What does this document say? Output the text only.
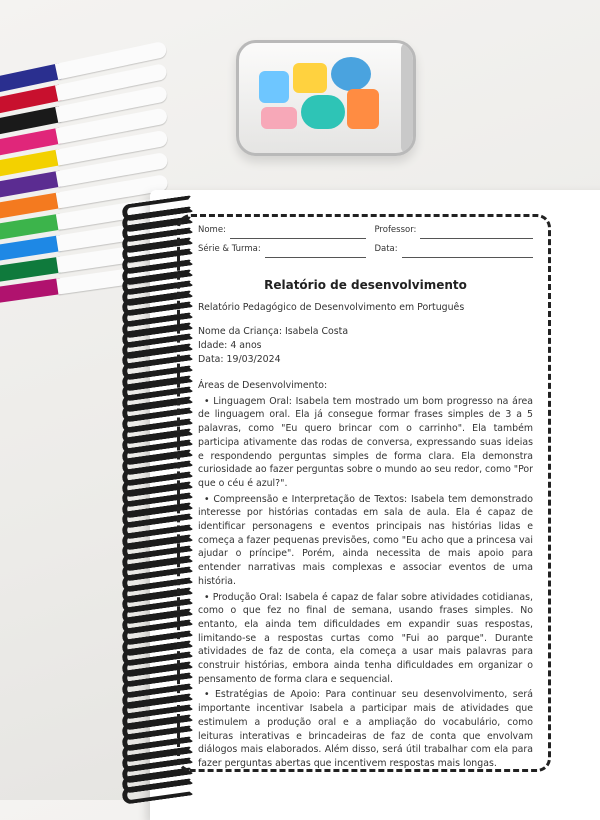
Nome:	Professor:
Série & Turma:	Data:
Relatório de desenvolvimento
Relatório Pedagógico de Desenvolvimento em Português
Nome da Criança: Isabela Costa
Idade: 4 anos
Data: 19/03/2024

Áreas de Desenvolvimento:

• Linguagem Oral: Isabela tem mostrado um bom progresso na área de linguagem oral. Ela já consegue formar frases simples de 3 a 5 palavras, como "Eu quero brincar com o carrinho". Ela também participa ativamente das rodas de conversa, expressando suas ideias e respondendo perguntas simples de forma clara. Ela demonstra curiosidade ao fazer perguntas sobre o mundo ao seu redor, como "Por que o céu é azul?".

• Compreensão e Interpretação de Textos: Isabela tem demonstrado interesse por histórias contadas em sala de aula. Ela é capaz de identificar personagens e eventos principais nas histórias lidas e começa a fazer pequenas previsões, como "Eu acho que a princesa vai ajudar o príncipe". Porém, ainda necessita de mais apoio para entender narrativas mais complexas e associar eventos de uma história.

• Produção Oral: Isabela é capaz de falar sobre atividades cotidianas, como o que fez no final de semana, usando frases simples. No entanto, ela ainda tem dificuldades em expandir suas respostas, limitando-se a respostas curtas como "Fui ao parque". Durante atividades de faz de conta, ela começa a usar mais palavras para construir histórias, embora ainda tenha dificuldades em organizar o pensamento de forma clara e sequencial.

• Estratégias de Apoio: Para continuar seu desenvolvimento, será importante incentivar Isabela a participar mais de atividades que estimulem a produção oral e a ampliação do vocabulário, como leituras interativas e brincadeiras de faz de conta que envolvam diálogos mais elaborados. Além disso, será útil trabalhar com ela para fazer perguntas abertas que incentivem respostas mais longas.
